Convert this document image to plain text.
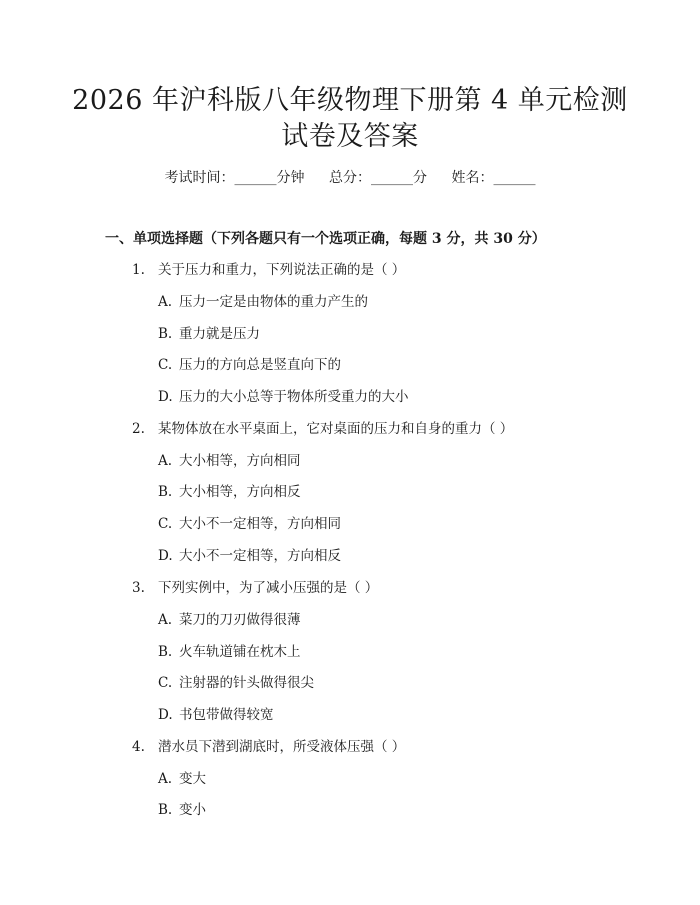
2026 年沪科版八年级物理下册第 4 单元检测
试卷及答案
考试时间：______分钟 总分：______分 姓名：______
一、单项选择题（下列各题只有一个选项正确，每题 3 分，共 30 分）
1. 关于压力和重力，下列说法正确的是（ ）
A. 压力一定是由物体的重力产生的
B. 重力就是压力
C. 压力的方向总是竖直向下的
D. 压力的大小总等于物体所受重力的大小
2. 某物体放在水平桌面上，它对桌面的压力和自身的重力（ ）
A. 大小相等，方向相同
B. 大小相等，方向相反
C. 大小不一定相等，方向相同
D. 大小不一定相等，方向相反
3. 下列实例中，为了减小压强的是（ ）
A. 菜刀的刀刃做得很薄
B. 火车轨道铺在枕木上
C. 注射器的针头做得很尖
D. 书包带做得较宽
4. 潜水员下潜到湖底时，所受液体压强（ ）
A. 变大
B. 变小
